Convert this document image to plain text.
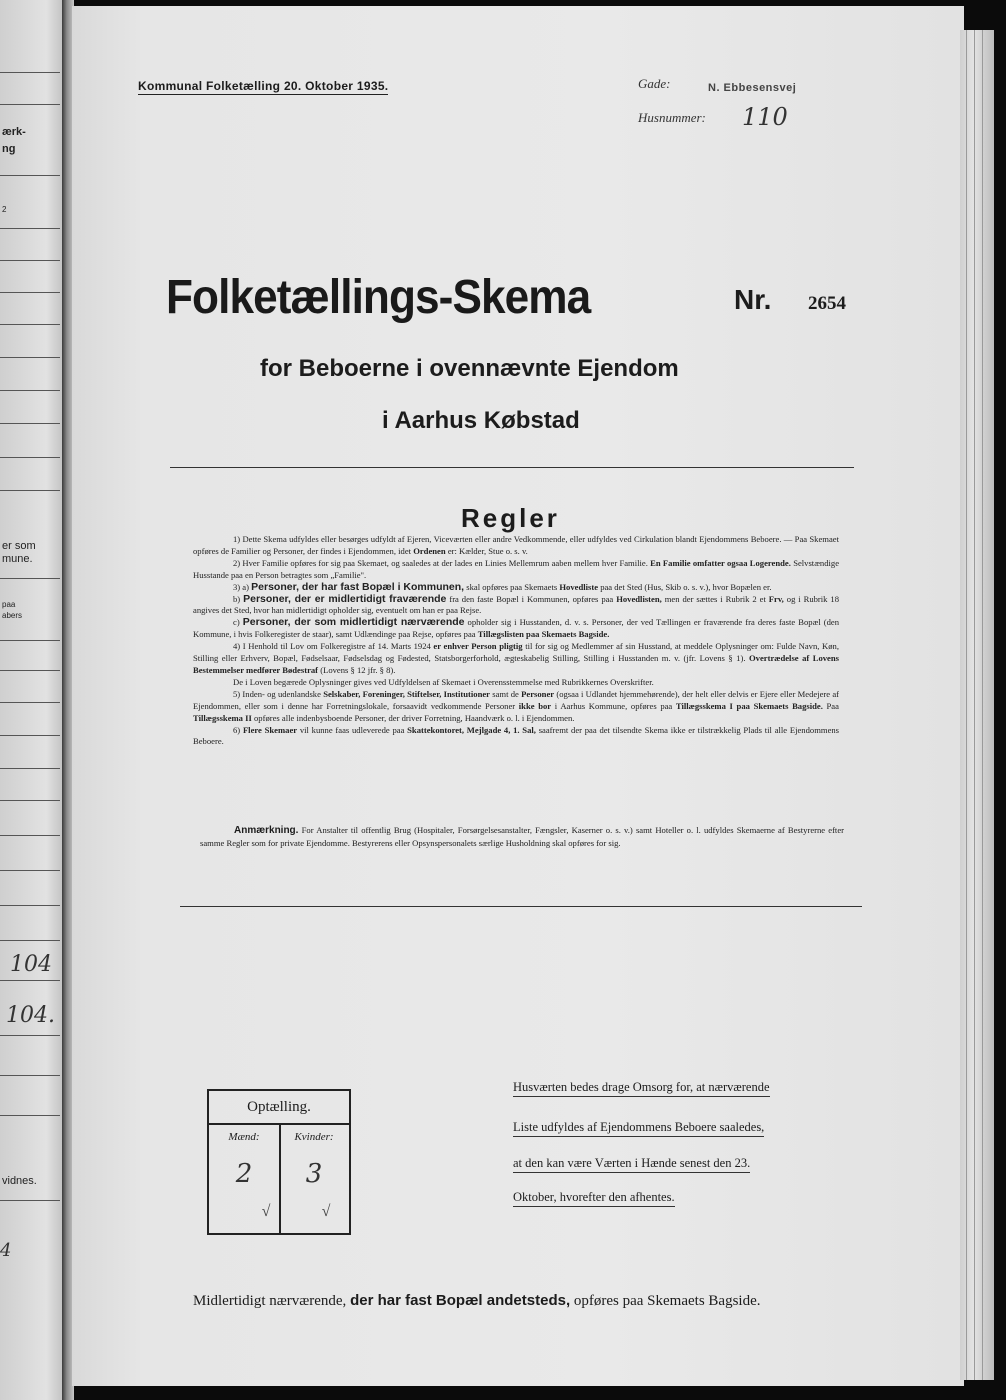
ærk-
ng
2
er som
mune.
paa
abers
104
104.
vidnes.
4
Kommunal Folketælling 20. Oktober 1935.	Gade:	N. Ebbesensvej
Husnummer: 110
Folketællings-Skema	Nr. 2654
for Beboerne i ovennævnte Ejendom
i Aarhus Købstad
Regler

1) Dette Skema udfyldes eller besørges udfyldt af Ejeren, Viceværten eller andre Vedkommende, eller udfyldes ved Cirkulation blandt Ejendommens Beboere. — Paa Skemaet opføres de Familier og Personer, der findes i Ejendommen, idet Ordenen er: Kælder, Stue o. s. v.

2) Hver Familie opføres for sig paa Skemaet, og saaledes at der lades en Linies Mellemrum aaben mellem hver Familie. En Familie omfatter ogsaa Logerende. Selvstændige Husstande paa en Person betragtes som „Familie".

3) a) Personer, der har fast Bopæl i Kommunen, skal opføres paa Skemaets Hovedliste paa det Sted (Hus, Skib o. s. v.), hvor Bopælen er.

b) Personer, der er midlertidigt fraværende fra den faste Bopæl i Kommunen, opføres paa Hovedlisten, men der sættes i Rubrik 2 et Frv, og i Rubrik 18 angives det Sted, hvor han midlertidigt opholder sig, eventuelt om han er paa Rejse.

c) Personer, der som midlertidigt nærværende opholder sig i Husstanden, d. v. s. Personer, der ved Tællingen er fraværende fra deres faste Bopæl (den Kommune, i hvis Folkeregister de staar), samt Udlændinge paa Rejse, opføres paa Tillægslisten paa Skemaets Bagside.

4) I Henhold til Lov om Folkeregistre af 14. Marts 1924 er enhver Person pligtig til for sig og Medlemmer af sin Husstand, at meddele Oplysninger om: Fulde Navn, Køn, Stilling eller Erhverv, Bopæl, Fødselsaar, Fødselsdag og Fødested, Statsborgerforhold, ægteskabelig Stilling, Stilling i Husstanden m. v. (jfr. Lovens § 1). Overtrædelse af Lovens Bestemmelser medfører Bødestraf (Lovens § 12 jfr. § 8).

De i Loven begærede Oplysninger gives ved Udfyldelsen af Skemaet i Overensstemmelse med Rubrikkernes Overskrifter.

5) Inden- og udenlandske Selskaber, Foreninger, Stiftelser, Institutioner samt de Personer (ogsaa i Udlandet hjemmehørende), der helt eller delvis er Ejere eller Medejere af Ejendommen, eller som i denne har Forretningslokale, forsaavidt vedkommende Personer ikke bor i Aarhus Kommune, opføres paa Tillægsskema I paa Skemaets Bagside. Paa Tillægsskema II opføres alle indenbysboende Personer, der driver Forretning, Haandværk o. l. i Ejendommen.

6) Flere Skemaer vil kunne faas udleverede paa Skattekontoret, Mejlgade 4, 1. Sal, saafremt der paa det tilsendte Skema ikke er tilstrækkelig Plads til alle Ejendommens Beboere.

Anmærkning. For Anstalter til offentlig Brug (Hospitaler, Forsørgelsesanstalter, Fængsler, Kaserner o. s. v.) samt Hoteller o. l. udfyldes Skemaerne af Bestyrerne efter samme Regler som for private Ejendomme. Bestyrerens eller Opsynspersonalets særlige Husholdning skal opføres for sig.

Optælling.
Mænd:	Kvinder:
2	3
√	√
Husværten bedes drage Omsorg for, at nærværende
Liste udfyldes af Ejendommens Beboere saaledes,
at den kan være Værten i Hænde senest den 23.
Oktober, hvorefter den afhentes.
Midlertidigt nærværende, der har fast Bopæl andetsteds, opføres paa Skemaets Bagside.
